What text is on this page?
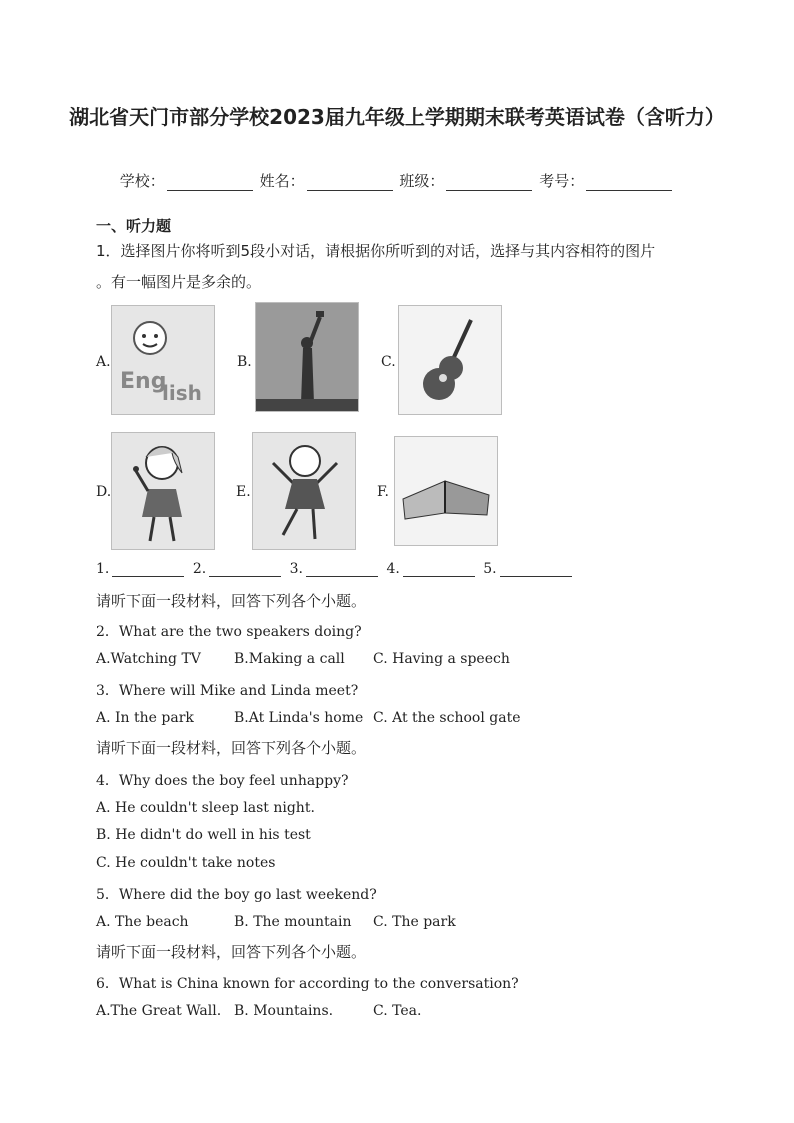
湖北省天门市部分学校2023届九年级上学期期末联考英语试卷（含听力）
学校：	姓名：	班级：	考号：
一、听力题
1．选择图片你将听到5段小对话，请根据你所听到的对话，选择与其内容相符的图片
。有一幅图片是多余的。
A.
Eng
lish
B.	C.
D.	E.	F.
1.	2.	3.	4.	5.
请听下面一段材料，回答下列各个小题。
2．What are the two speakers doing?
A.Watching TV B.Making a call C. Having a speech
3．Where will Mike and Linda meet?
A. In the park	B.At Linda's home C. At the school gate
请听下面一段材料，回答下列各个小题。
4．Why does the boy feel unhappy?
A. He couldn't sleep last night.
B. He didn't do well in his test
C. He couldn't take notes
5．Where did the boy go last weekend?
A. The beach	B. The mountain C. The park
请听下面一段材料，回答下列各个小题。
6．What is China known for according to the conversation?
A.The Great Wall. B. Mountains.	C. Tea.
